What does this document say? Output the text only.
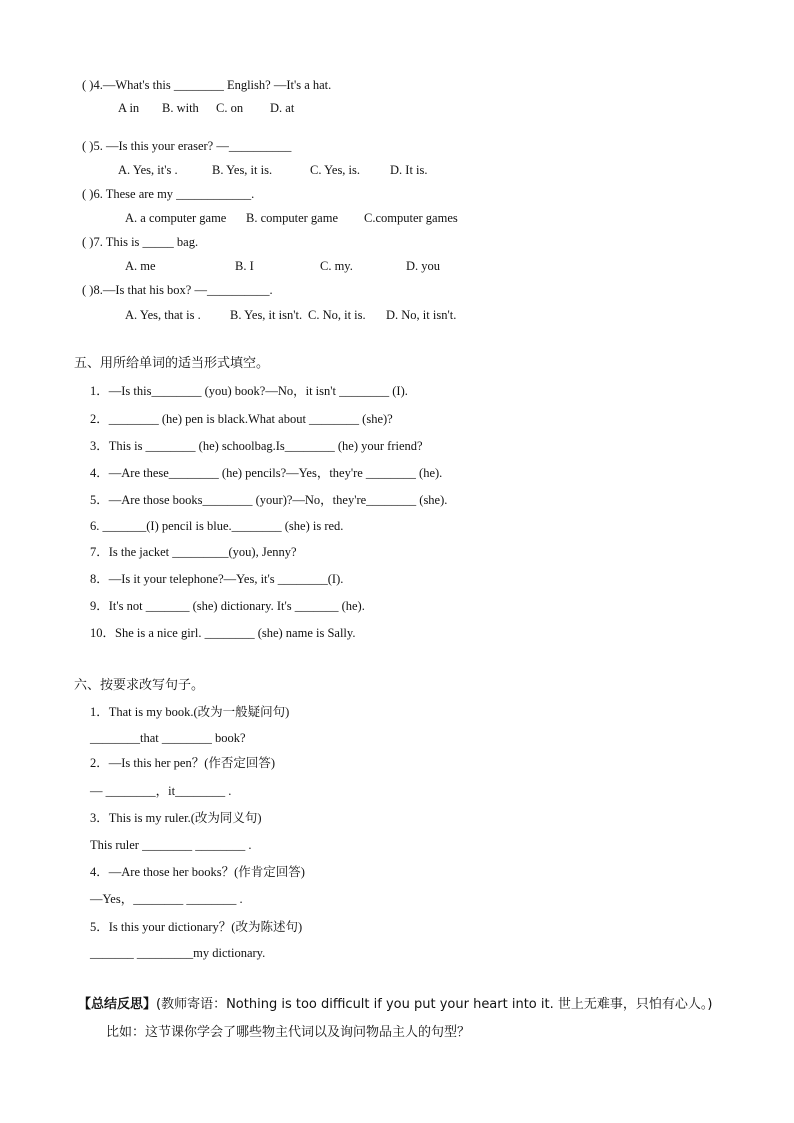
( )4.—What's this ________ English? —It's a hat.
A in B. with C. on D. at
( )5. —Is this your eraser? —__________
A. Yes, it's .	B. Yes, it is.	C. Yes, is. D. It is.
( )6. These are my ____________.
A. a computer game B. computer game C.computer games
( )7. This is _____ bag.
A. me	B. I	C. my.	D. you
( )8.—Is that his box? —__________.
A. Yes, that is . B. Yes, it isn't. C. No, it is. D. No, it isn't.
五、用所给单词的适当形式填空。
1．—Is this________ (you) book?—No，it isn't ________ (I).
2．________ (he) pen is black.What about ________ (she)?
3．This is ________ (he) schoolbag.Is________ (he) your friend?
4．—Are these________ (he) pencils?—Yes，they're ________ (he).
5．—Are those books________ (your)?—No，they're________ (she).
6. _______(I) pencil is blue.________ (she) is red.
7．Is the jacket _________(you), Jenny?
8．—Is it your telephone?—Yes, it's ________(I).
9．It's not _______ (she) dictionary. It's _______ (he).
10．She is a nice girl. ________ (she) name is Sally.
六、按要求改写句子。
1．That is my book.(改为一般疑问句)
________that ________ book?
2．—Is this her pen？(作否定回答)
— ________，it________ .
3．This is my ruler.(改为同义句)
This ruler ________ ________ .
4．—Are those her books？(作肯定回答)
—Yes，________ ________ .
5．Is this your dictionary？(改为陈述句)
_______ _________my dictionary.
【总结反思】(教师寄语：Nothing is too difficult if you put your heart into it. 世上无难事，只怕有心人。)
比如：这节课你学会了哪些物主代词以及询问物品主人的句型？
